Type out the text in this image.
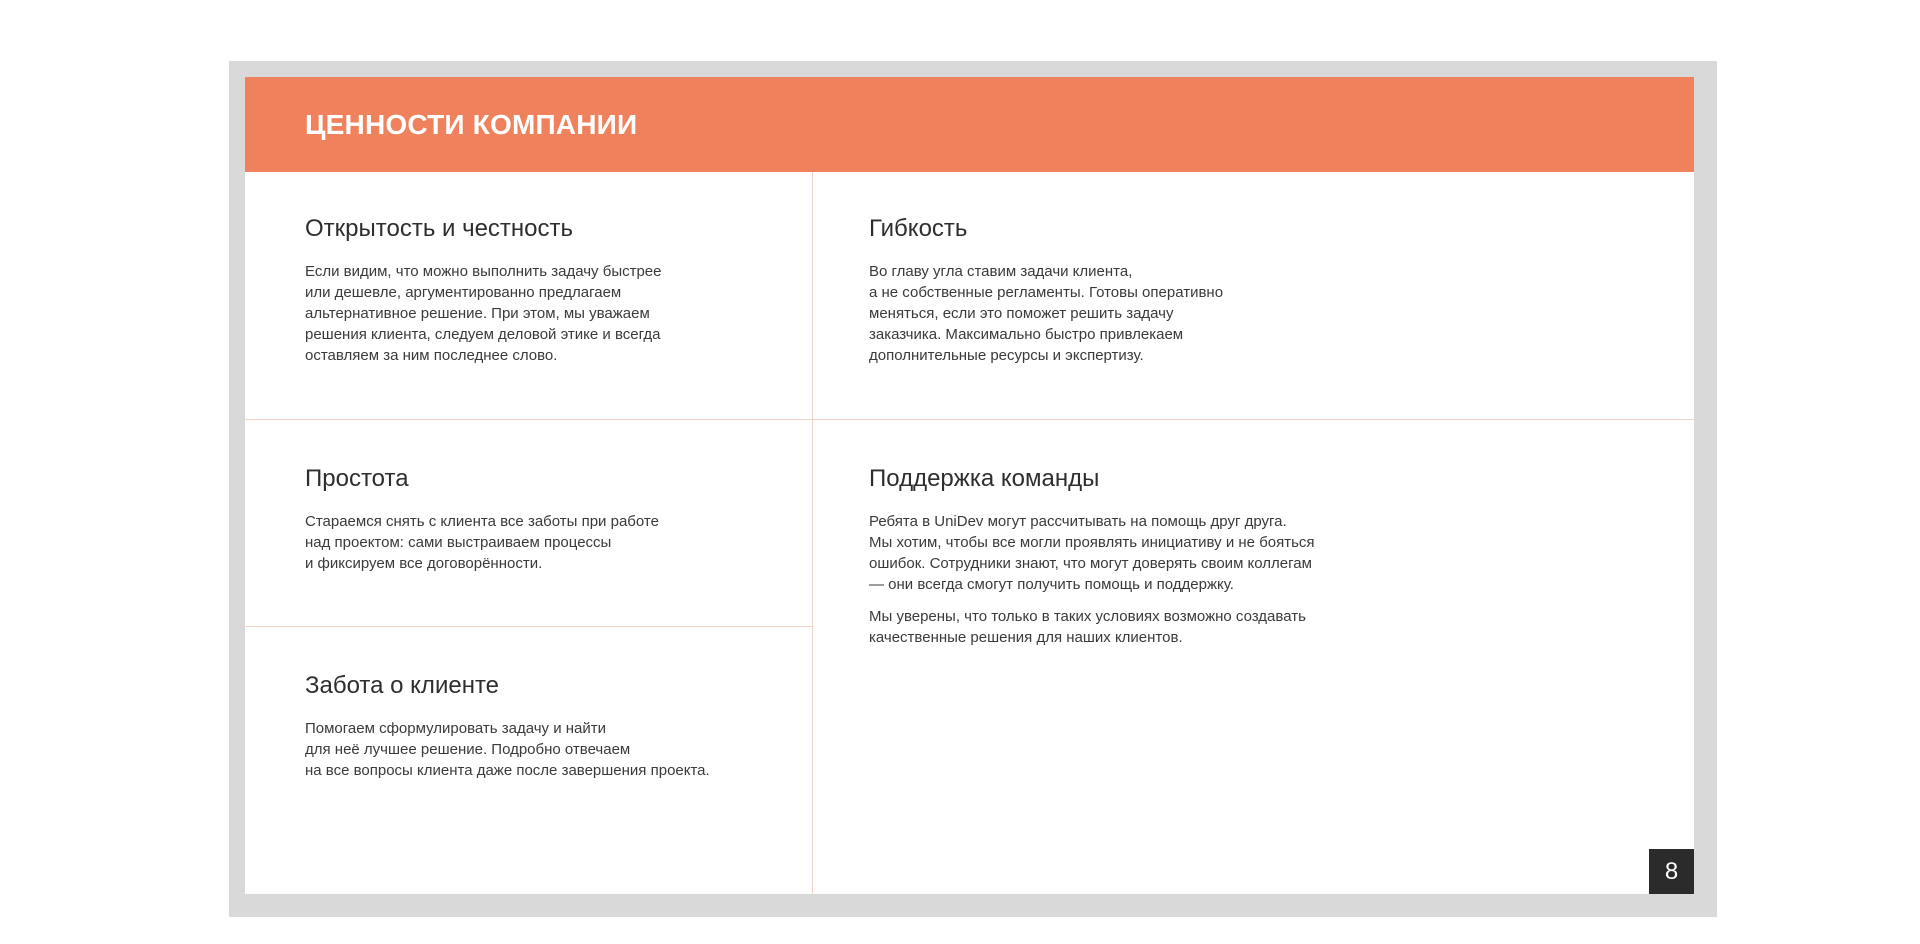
ЦЕННОСТИ КОМПАНИИ
Открытость и честность

Если видим, что можно выполнить задачу быстрее
или дешевле, аргументированно предлагаем
альтернативное решение. При этом, мы уважаем
решения клиента, следуем деловой этике и всегда
оставляем за ним последнее слово.

Гибкость

Во главу угла ставим задачи клиента,
а не собственные регламенты. Готовы оперативно
меняться, если это поможет решить задачу
заказчика. Максимально быстро привлекаем
дополнительные ресурсы и экспертизу.

Простота

Стараемся снять с клиента все заботы при работе
над проектом: сами выстраиваем процессы
и фиксируем все договорённости.

Поддержка команды

Ребята в UniDev могут рассчитывать на помощь друг друга.
Мы хотим, чтобы все могли проявлять инициативу и не бояться
ошибок. Сотрудники знают, что могут доверять своим коллегам
— они всегда смогут получить помощь и поддержку.

Мы уверены, что только в таких условиях возможно создавать
качественные решения для наших клиентов.

Забота о клиенте

Помогаем сформулировать задачу и найти
для неё лучшее решение. Подробно отвечаем
на все вопросы клиента даже после завершения проекта.

8
